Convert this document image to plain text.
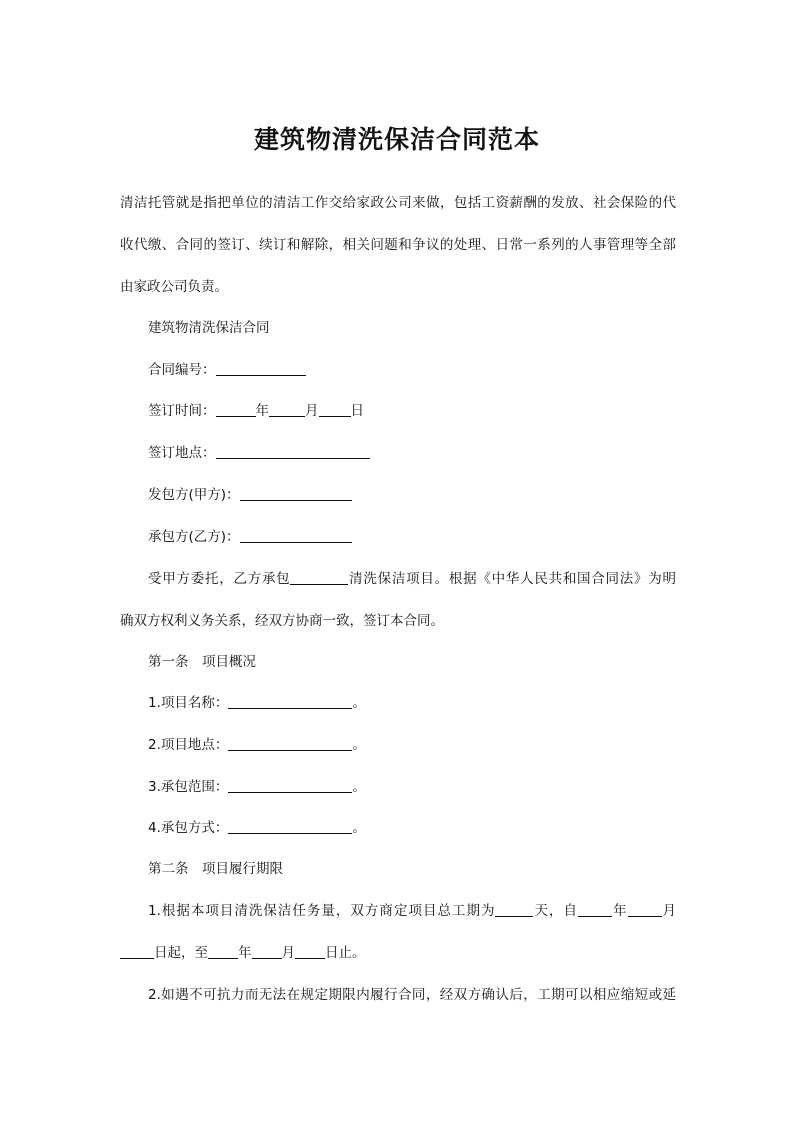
建筑物清洗保洁合同范本
清洁托管就是指把单位的清洁工作交给家政公司来做，包括工资薪酬的发放、社会保险的代
收代缴、合同的签订、续订和解除，相关问题和争议的处理、日常一系列的人事管理等全部
由家政公司负责。
建筑物清洗保洁合同
合同编号：
签订时间：	年	月 日
签订地点：
发包方(甲方)：
承包方(乙方)：
受甲方委托，乙方承包	清洗保洁项目。根据《中华人民共和国合同法》为明
确双方权利义务关系，经双方协商一致，签订本合同。
第一条　项目概况
1.项目名称：	。
2.项目地点：	。
3.承包范围：	。
4.承包方式：	。
第二条　项目履行期限
1.根据本项目清洗保洁任务量，双方商定项目总工期为	天，自	年	月
日起，至 年 月 日止。
2.如遇不可抗力而无法在规定期限内履行合同，经双方确认后，工期可以相应缩短或延
